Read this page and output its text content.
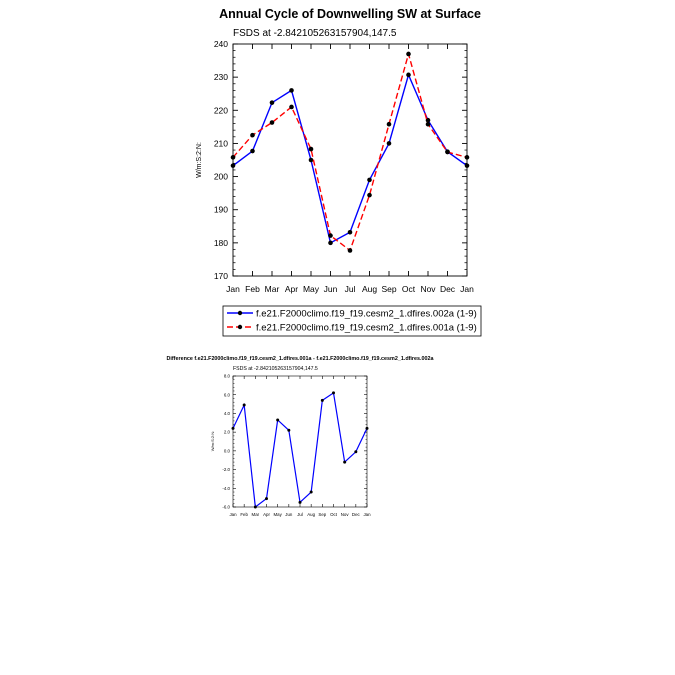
Annual Cycle of Downwelling SW at Surface
FSDS at -2.842105263157904,147.5
W/m:S:2:N:
Jan Feb Mar Apr May Jun Jul Aug Sep Oct Nov Dec Jan
170
180
190
200
210
220
230
240
f.e21.F2000climo.f19_f19.cesm2_1.dfires.002a (1-9)
f.e21.F2000climo.f19_f19.cesm2_1.dfires.001a (1-9)
Difference f.e21.F2000climo.f19_f19.cesm2_1.dfires.001a - f.e21.F2000climo.f19_f19.cesm2_1.dfires.002a
FSDS at -2.842105263157904,147.5
W/m:S:2:N:
Jan Feb Mar Apr May Jun Jul Aug Sep Oct Nov Dec Jan
-6.0
-4.0
-2.0
0.0
2.0
4.0
6.0
8.0
